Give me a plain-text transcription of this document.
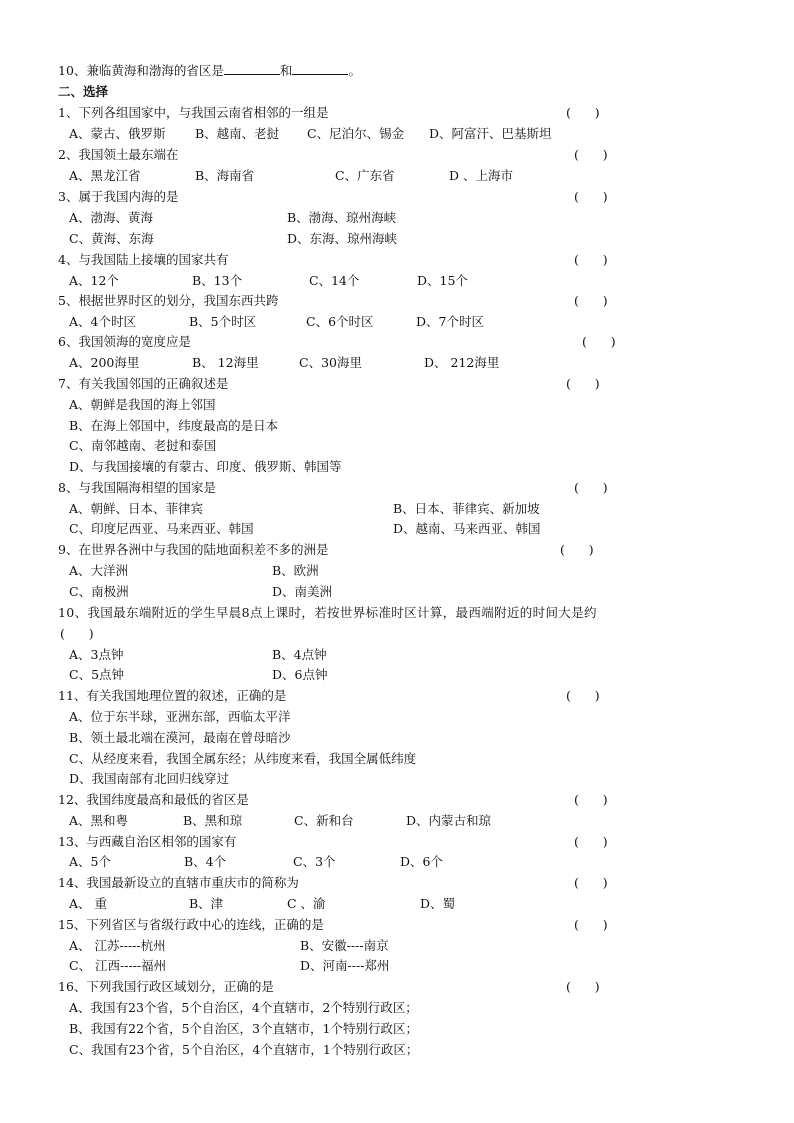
10、兼临黄海和渤海的省区是	和	。
二、选择
1、下列各组国家中，与我国云南省相邻的一组是	(      )
A、蒙古、俄罗斯 B、越南、老挝 C、尼泊尔、锡金 D、阿富汗、巴基斯坦
2、我国领土最东端在	(      )
A、黑龙江省	B、海南省	C、广东省	D 、上海市
3、属于我国内海的是	(      )
A、渤海、黄海	B、渤海、琼州海峡
C、黄海、东海	D、东海、琼州海峡
4、与我国陆上接壤的国家共有	(      )
A、12个	B、13个	C、14个	D、15个
5、根据世界时区的划分，我国东西共跨	(      )
A、4个时区	B、5个时区	C、6个时区	D、7个时区
6、我国领海的宽度应是	(      )
A、200海里	B、 12海里	C、30海里	D、 212海里
7、有关我国邻国的正确叙述是	(      )
A、朝鲜是我国的海上邻国
B、在海上邻国中，纬度最高的是日本
C、南邻越南、老挝和泰国
D、与我国接壤的有蒙古、印度、俄罗斯、韩国等
8、与我国隔海相望的国家是	(      )
A、朝鲜、日本、菲律宾	B、日本、菲律宾、新加坡
C、印度尼西亚、马来西亚、韩国	D、越南、马来西亚、韩国
9、在世界各洲中与我国的陆地面积差不多的洲是	(      )
A、大洋洲	B、欧洲
C、南极洲	D、南美洲
10、我国最东端附近的学生早晨8点上课时，若按世界标准时区计算，最西端附近的时间大是约
(      )
A、3点钟	B、4点钟
C、5点钟	D、6点钟
11、有关我国地理位置的叙述，正确的是	(      )
A、位于东半球，亚洲东部，西临太平洋
B、领土最北端在漠河，最南在曾母暗沙
C、从经度来看，我国全属东经；从纬度来看，我国全属低纬度
D、我国南部有北回归线穿过
12、我国纬度最高和最低的省区是	(      )
A、黑和粤	B、黑和琼	C、新和台	D、内蒙古和琼
13、与西藏自治区相邻的国家有	(      )
A、5个	B、4个	C、3个	D、6个
14、我国最新设立的直辖市重庆市的简称为	(      )
A、 重	B、津	C 、渝	D、蜀
15、下列省区与省级行政中心的连线，正确的是	(      )
A、 江苏-----杭州	B、安徽----南京
C、 江西-----福州	D、河南----郑州
16、下列我国行政区域划分，正确的是	(      )
A、我国有23个省，5个自治区，4个直辖市，2个特别行政区；
B、我国有22个省，5个自治区，3个直辖市，1个特别行政区；
C、我国有23个省，5个自治区，4个直辖市，1个特别行政区；
